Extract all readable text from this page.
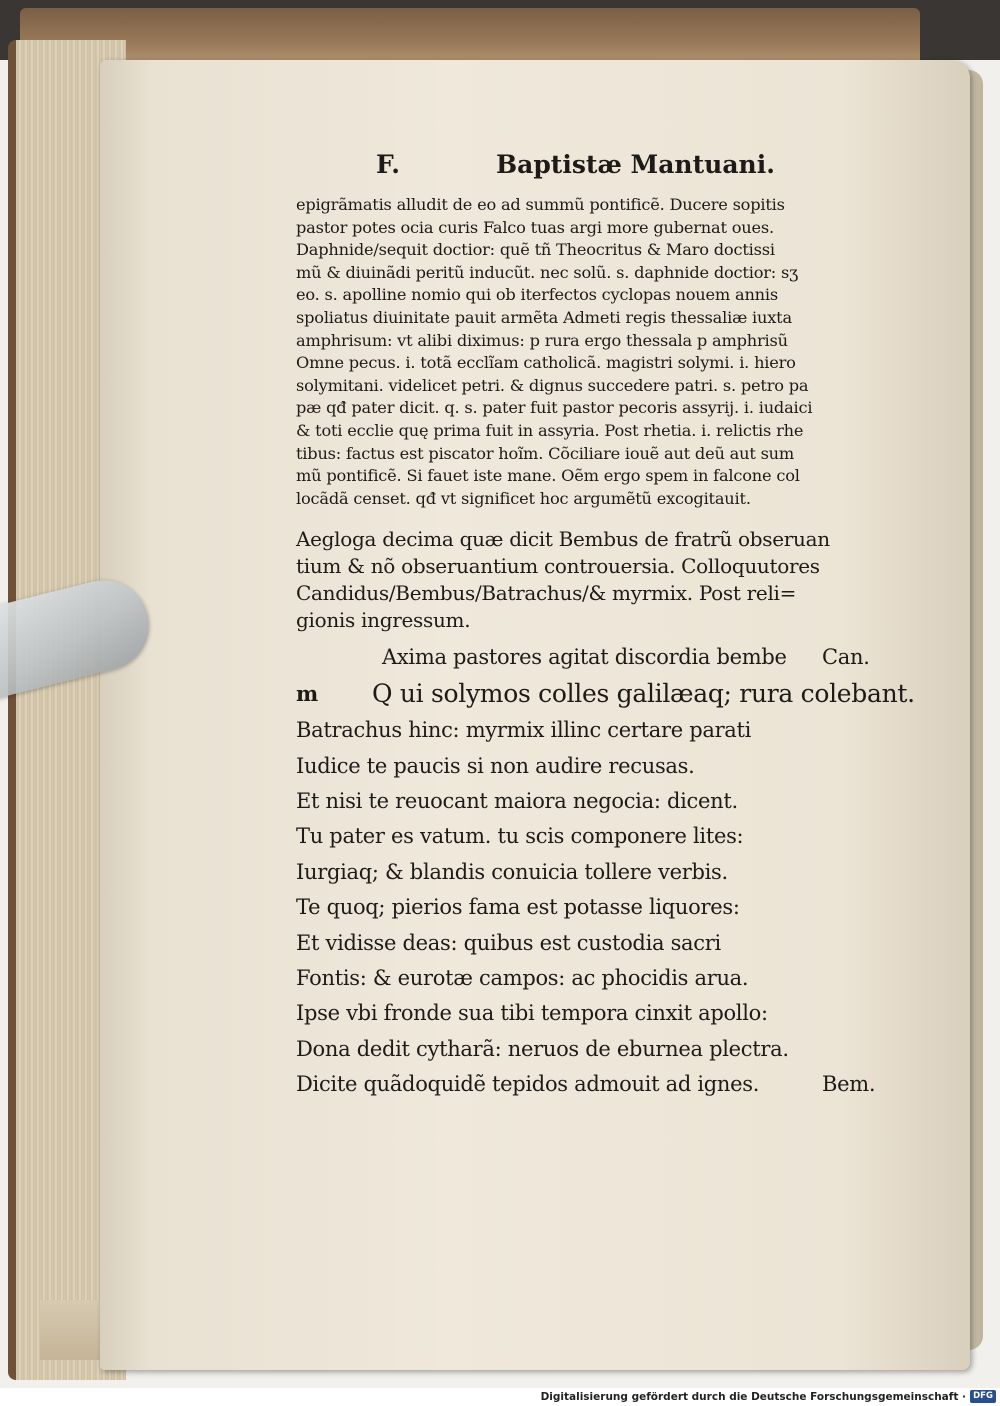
F.	Baptistæ Mantuani.

epigrãmatis alludit de eo ad summũ pontificẽ. Ducere sopitis

pastor potes ocia curis Falco tuas argi more gubernat oues.

Daphnide/sequit doctior: quẽ tñ Theocritus & Maro doctissi

mũ & diuinãdi peritũ inducũt. nec solũ. s. daphnide doctior: sʒ

eo. s. apolline nomio qui ob iterfectos cyclopas nouem annis

spoliatus diuinitate pauit armẽta Admeti regis thessaliæ iuxta

amphrisum: vt alibi diximus: p rura ergo thessala p amphrisũ

Omne pecus. i. totã ecclĩam catholicã. magistri solymi. i. hiero

solymitani. videlicet petri. & dignus succedere patri. s. petro pa

pæ qđ pater dicit. q. s. pater fuit pastor pecoris assyrij. i. iudaici

& toti ecclie quę prima fuit in assyria. Post rhetia. i. relictis rhe

tibus: factus est piscator hoĩm. Cõciliare iouẽ aut deũ aut sum

mũ pontificẽ. Si fauet iste mane. Oẽm ergo spem in falcone col

locãdã censet. qđ vt significet hoc argumẽtũ excogitauit.

Aegloga decima quæ dicit Bembus de fratrũ obseruan

tium & nõ obseruantium controuersia. Colloquutores

Candidus/Bembus/Batrachus/& myrmix. Post reli=

gionis ingressum.

Axima pastores agitat discordia bembe Can.

m Q ui solymos colles galilæaq; rura colebant.

Batrachus hinc: myrmix illinc certare parati

Iudice te paucis si non audire recusas.

Et nisi te reuocant maiora negocia: dicent.

Tu pater es vatum. tu scis componere lites:

Iurgiaq; & blandis conuicia tollere verbis.

Te quoq; pierios fama est potasse liquores:

Et vidisse deas: quibus est custodia sacri

Fontis: & eurotæ campos: ac phocidis arua.

Ipse vbi fronde sua tibi tempora cinxit apollo:

Dona dedit cytharã: neruos de eburnea plectra.

Dicite quãdoquidẽ tepidos admouit ad ignes.	Bem.

Digitalisierung gefördert durch die Deutsche Forschungsgemeinschaft · DFG
